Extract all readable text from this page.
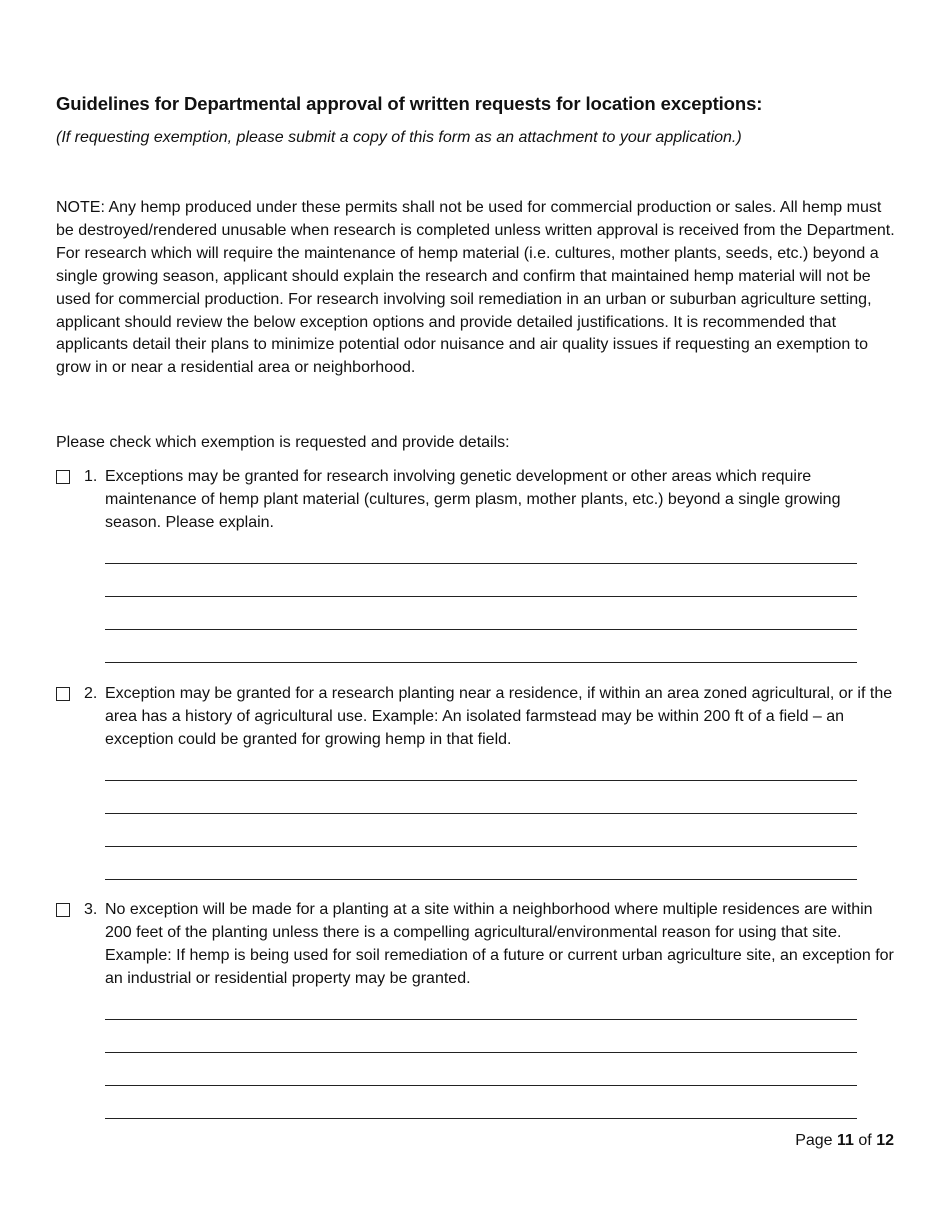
Guidelines for Departmental approval of written requests for location exceptions:
(If requesting exemption, please submit a copy of this form as an attachment to your application.)
NOTE: Any hemp produced under these permits shall not be used for commercial production or sales. All hemp must be destroyed/rendered unusable when research is completed unless written approval is received from the Department. For research which will require the maintenance of hemp material (i.e. cultures, mother plants, seeds, etc.) beyond a single growing season, applicant should explain the research and confirm that maintained hemp material will not be used for commercial production. For research involving soil remediation in an urban or suburban agriculture setting, applicant should review the below exception options and provide detailed justifications. It is recommended that applicants detail their plans to minimize potential odor nuisance and air quality issues if requesting an exemption to grow in or near a residential area or neighborhood.
Please check which exemption is requested and provide details:
1. Exceptions may be granted for research involving genetic development or other areas which require maintenance of hemp plant material (cultures, germ plasm, mother plants, etc.) beyond a single growing season. Please explain.
2. Exception may be granted for a research planting near a residence, if within an area zoned agricultural, or if the area has a history of agricultural use. Example: An isolated farmstead may be within 200 ft of a field – an exception could be granted for growing hemp in that field.
3. No exception will be made for a planting at a site within a neighborhood where multiple residences are within 200 feet of the planting unless there is a compelling agricultural/environmental reason for using that site. Example: If hemp is being used for soil remediation of a future or current urban agriculture site, an exception for an industrial or residential property may be granted.
Page 11 of 12
